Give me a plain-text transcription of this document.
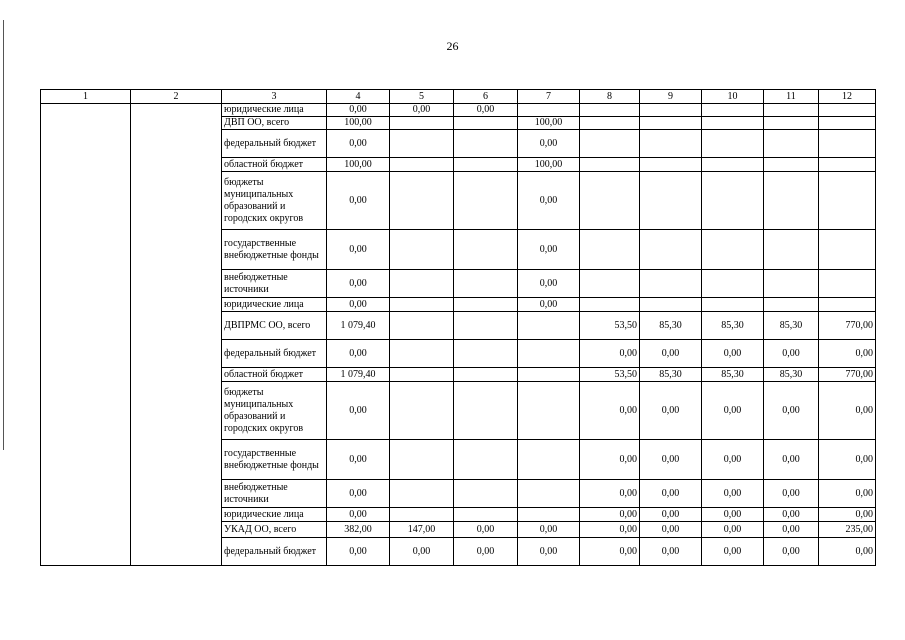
26
1	2	3	4	5	6	7	8	9	10	11	12
		юридические лица	0,00	0,00	0,00						
		ДВП ОО, всего	100,00			100,00					
		федеральный бюджет	0,00			0,00					
		областной бюджет	100,00			100,00					
		бюджеты муниципальных образований и городских округов	0,00			0,00					
		государственные внебюджетные фонды	0,00			0,00					
		внебюджетные источники	0,00			0,00					
		юридические лица	0,00			0,00					
		ДВПРМС ОО, всего	1 079,40				53,50	85,30	85,30	85,30	770,00
		федеральный бюджет	0,00				0,00	0,00	0,00	0,00	0,00
		областной бюджет	1 079,40				53,50	85,30	85,30	85,30	770,00
		бюджеты муниципальных образований и городских округов	0,00				0,00	0,00	0,00	0,00	0,00
		государственные внебюджетные фонды	0,00				0,00	0,00	0,00	0,00	0,00
		внебюджетные источники	0,00				0,00	0,00	0,00	0,00	0,00
		юридические лица	0,00				0,00	0,00	0,00	0,00	0,00
		УКАД ОО, всего	382,00	147,00	0,00	0,00	0,00	0,00	0,00	0,00	235,00
		федеральный бюджет	0,00	0,00	0,00	0,00	0,00	0,00	0,00	0,00	0,00
